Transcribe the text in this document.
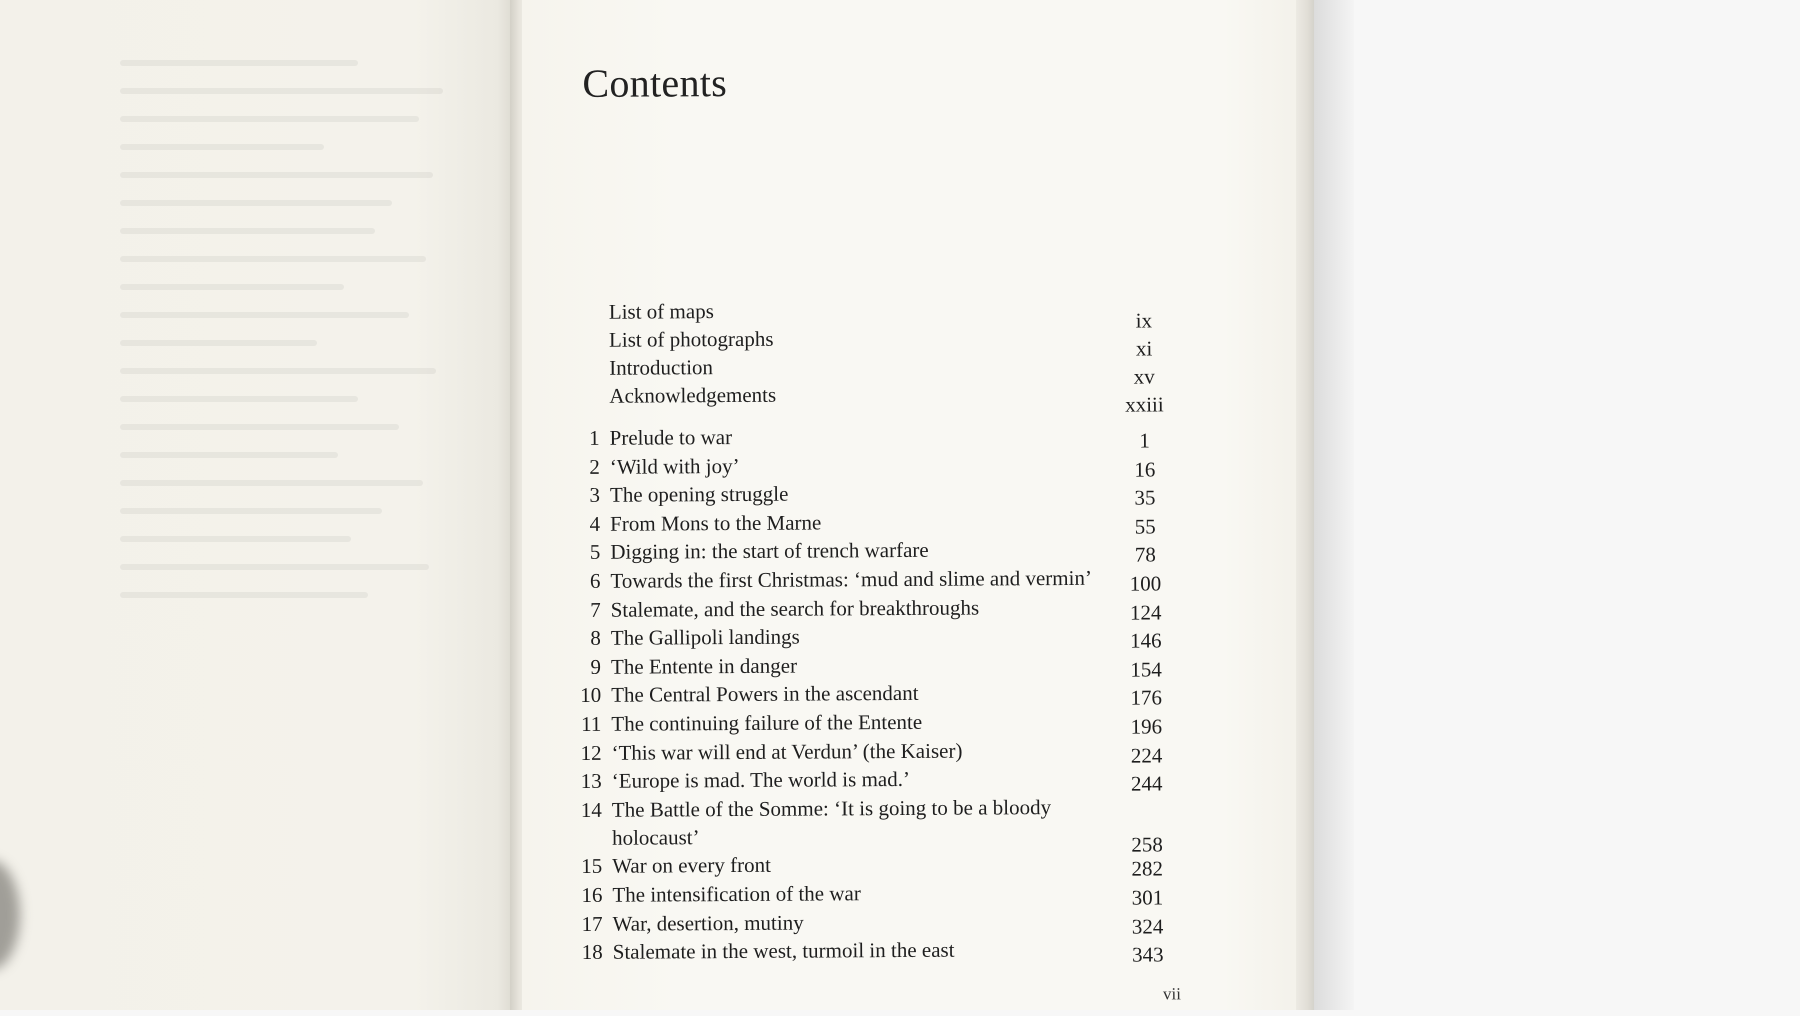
Contents
List of maps	ix
List of photographs	xi
Introduction	xv
Acknowledgements	xxiii
1 Prelude to war	1
2 ‘Wild with joy’	16
3 The opening struggle	35
4 From Mons to the Marne	55
5 Digging in: the start of trench warfare	78
6 Towards the first Christmas: ‘mud and slime and vermin’	100
7 Stalemate, and the search for breakthroughs	124
8 The Gallipoli landings	146
9 The Entente in danger	154
10 The Central Powers in the ascendant	176
11 The continuing failure of the Entente	196
12 ‘This war will end at Verdun’ (the Kaiser)	224
13 ‘Europe is mad. The world is mad.’	244
14 The Battle of the Somme: ‘It is going to be a bloody
holocaust’	258
15 War on every front	282
16 The intensification of the war	301
17 War, desertion, mutiny	324
18 Stalemate in the west, turmoil in the east	343
vii
